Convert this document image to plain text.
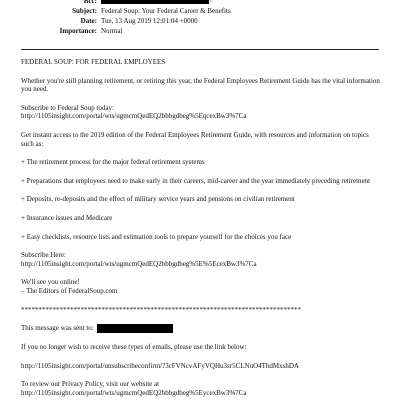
Bcc:	>
Subject: Federal Soup: Your Federal Career & Benefits
Date: Tue, 13 Aug 2019 12:01:04 +0000
Importance: Normal

FEDERAL SOUP: FOR FEDERAL EMPLOYEES

Whether you're still planning retirement, or retiring this year, the Federal Employees Retirement Guide has the vital information you need.

Subscribe to Federal Soup today:
http://1105insight.com/portal/wts/ugmcmQedEQ2bbbgdbeg%5EqcexBw3%7Ca

Get instant access to the 2019 edition of the Federal Employees Retirement Guide, with resources and information on topics such as:

+ The retirement process for the major federal retirement systems

+ Preparations that employees need to make early in their careers, mid-career and the year immediately preceding retirement

+ Deposits, re-deposits and the effect of military service years and pensions on civilian retirement

+ Insurance issues and Medicare

+ Easy checklists, resource lists and estimation tools to prepare yourself for the choices you face

Subscribe Here:
http://1105insight.com/portal/wts/ugmcmQedEQ2bbbgdbeg%5E%5EcexBw3%7Ca

We'll see you online!
– The Editors of FederalSoup.com

********************************************************************************

This message was sent to:

If you no longer wish to receive these types of emails, please use the link below:

http://1105insight.com/portal/unsubscribeconfirm/?3cFVNcvAFyVQHu3sr5CLNuO4ThdMxshDA

To review our Privacy Policy, visit our website at
http://1105insight.com/portal/wts/ugmcmQedEQ2bbbgdbeg%5EycexBw3%7Ca
